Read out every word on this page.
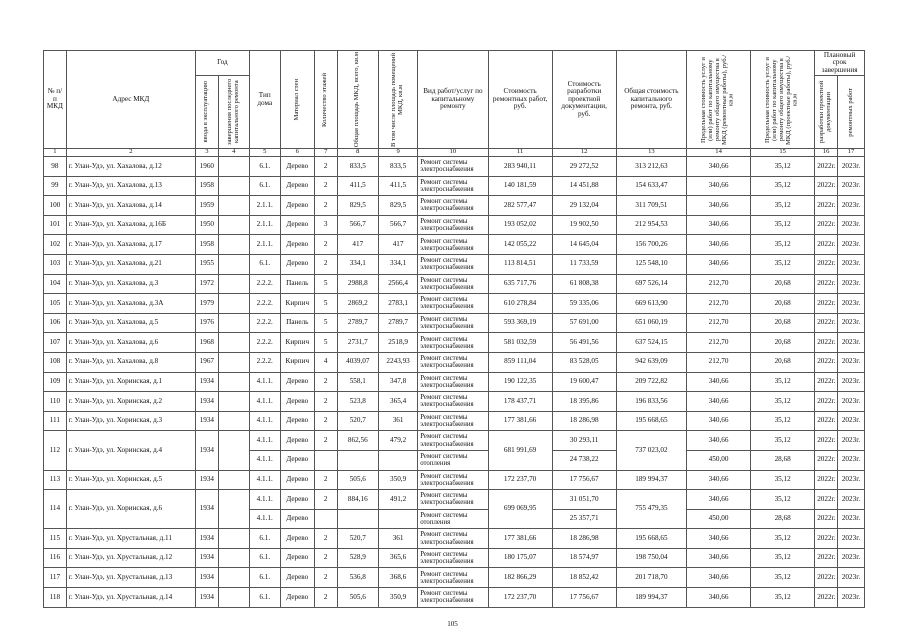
№ п/п МКД	Адрес МКД	Год		Тип дома	Материал стен	Количество этажей	Общая площадь МКД, всего, кв.м	В том числе площадь помещений МКД, кв.м	Вид работ/услуг по капитальному ремонту	Стоимость ремонтных работ, руб.	Стоимость разработки проектной документации, руб.	Общая стоимость капитального ремонта, руб.	Предельная стоимость услуг и (или) работ по капитальному ремонту общего имущества в МКД (ремонтные работы), руб./кв.м	Предельная стоимость услуг и (или) работ по капитальному ремонту общего имущества в МКД (проектные работы), руб./кв.м	Плановый срок завершения	

		ввода в эксплуатацию	завершения последнего капитального ремонта												разработки проектной документации	ремонтных работ

1	2	3	4	5	6	7	8	9	10	11	12	13	14	15	16	17
98	г. Улан-Удэ, ул. Хахалова, д.12	1960		6.1.	Дерево	2	833,5	833,5	Ремонт системы электроснабжения	283 940,11	29 272,52	313 212,63	340,66	35,12	2022г.	2023г.
99	г. Улан-Удэ, ул. Хахалова, д.13	1958		6.1.	Дерево	2	411,5	411,5	Ремонт системы электроснабжения	140 181,59	14 451,88	154 633,47	340,66	35,12	2022г.	2023г.
100	г. Улан-Удэ, ул. Хахалова, д.14	1959		2.1.1.	Дерево	2	829,5	829,5	Ремонт системы электроснабжения	282 577,47	29 132,04	311 709,51	340,66	35,12	2022г.	2023г.
101	г. Улан-Удэ, ул. Хахалова, д.16Б	1950		2.1.1.	Дерево	3	566,7	566,7	Ремонт системы электроснабжения	193 052,02	19 902,50	212 954,53	340,66	35,12	2022г.	2023г.
102	г. Улан-Удэ, ул. Хахалова, д.17	1958		2.1.1.	Дерево	2	417	417	Ремонт системы электроснабжения	142 055,22	14 645,04	156 700,26	340,66	35,12	2022г.	2023г.
103	г. Улан-Удэ, ул. Хахалова, д.21	1955		6.1.	Дерево	2	334,1	334,1	Ремонт системы электроснабжения	113 814,51	11 733,59	125 548,10	340,66	35,12	2022г.	2023г.
104	г. Улан-Удэ, ул. Хахалова, д.3	1972		2.2.2.	Панель	5	2988,8	2566,4	Ремонт системы электроснабжения	635 717,76	61 808,38	697 526,14	212,70	20,68	2022г.	2023г.
105	г. Улан-Удэ, ул. Хахалова, д.3А	1979		2.2.2.	Кирпич	5	2869,2	2783,1	Ремонт системы электроснабжения	610 278,84	59 335,06	669 613,90	212,70	20,68	2022г.	2023г.
106	г. Улан-Удэ, ул. Хахалова, д.5	1976		2.2.2.	Панель	5	2789,7	2789,7	Ремонт системы электроснабжения	593 369,19	57 691,00	651 060,19	212,70	20,68	2022г.	2023г.
107	г. Улан-Удэ, ул. Хахалова, д.6	1968		2.2.2.	Кирпич	5	2731,7	2518,9	Ремонт системы электроснабжения	581 032,59	56 491,56	637 524,15	212,70	20,68	2022г.	2023г.
108	г. Улан-Удэ, ул. Хахалова, д.8	1967		2.2.2.	Кирпич	4	4039,07	2243,93	Ремонт системы электроснабжения	859 111,04	83 528,05	942 639,09	212,70	20,68	2022г.	2023г.
109	г. Улан-Удэ, ул. Хоринская, д.1	1934		4.1.1.	Дерево	2	558,1	347,8	Ремонт системы электроснабжения	190 122,35	19 600,47	209 722,82	340,66	35,12	2022г.	2023г.
110	г. Улан-Удэ, ул. Хоринская, д.2	1934		4.1.1.	Дерево	2	523,8	365,4	Ремонт системы электроснабжения	178 437,71	18 395,86	196 833,56	340,66	35,12	2022г.	2023г.
111	г. Улан-Удэ, ул. Хоринская, д.3	1934		4.1.1.	Дерево	2	520,7	361	Ремонт системы электроснабжения	177 381,66	18 286,98	195 668,65	340,66	35,12	2022г.	2023г.
112	г. Улан-Удэ, ул. Хоринская, д.4	1934		4.1.1.	Дерево	2	862,56	479,2	Ремонт системы электроснабжения	681 991,69	30 293,11	737 023,02	340,66	35,12	2022г.	2023г.
				4.1.1.	Дерево				Ремонт системы отопления		24 738,22		450,00	28,68	2022г.	2023г.
113	г. Улан-Удэ, ул. Хоринская, д.5	1934		4.1.1.	Дерево	2	505,6	350,9	Ремонт системы электроснабжения	172 237,70	17 756,67	189 994,37	340,66	35,12	2022г.	2023г.
114	г. Улан-Удэ, ул. Хоринская, д.6	1934		4.1.1.	Дерево	2	884,16	491,2	Ремонт системы электроснабжения	699 069,95	31 051,70	755 479,35	340,66	35,12	2022г.	2023г.
				4.1.1.	Дерево				Ремонт системы отопления		25 357,71		450,00	28,68	2022г.	2023г.
115	г. Улан-Удэ, ул. Хрустальная, д.11	1934		6.1.	Дерево	2	520,7	361	Ремонт системы электроснабжения	177 381,66	18 286,98	195 668,65	340,66	35,12	2022г.	2023г.
116	г. Улан-Удэ, ул. Хрустальная, д.12	1934		6.1.	Дерево	2	528,9	365,6	Ремонт системы электроснабжения	180 175,07	18 574,97	198 750,04	340,66	35,12	2022г.	2023г.
117	г. Улан-Удэ, ул. Хрустальная, д.13	1934		6.1.	Дерево	2	536,8	368,6	Ремонт системы электроснабжения	182 866,29	18 852,42	201 718,70	340,66	35,12	2022г.	2023г.
118	г. Улан-Удэ, ул. Хрустальная, д.14	1934		6.1.	Дерево	2	505,6	350,9	Ремонт системы электроснабжения	172 237,70	17 756,67	189 994,37	340,66	35,12	2022г.	2023г.
105
